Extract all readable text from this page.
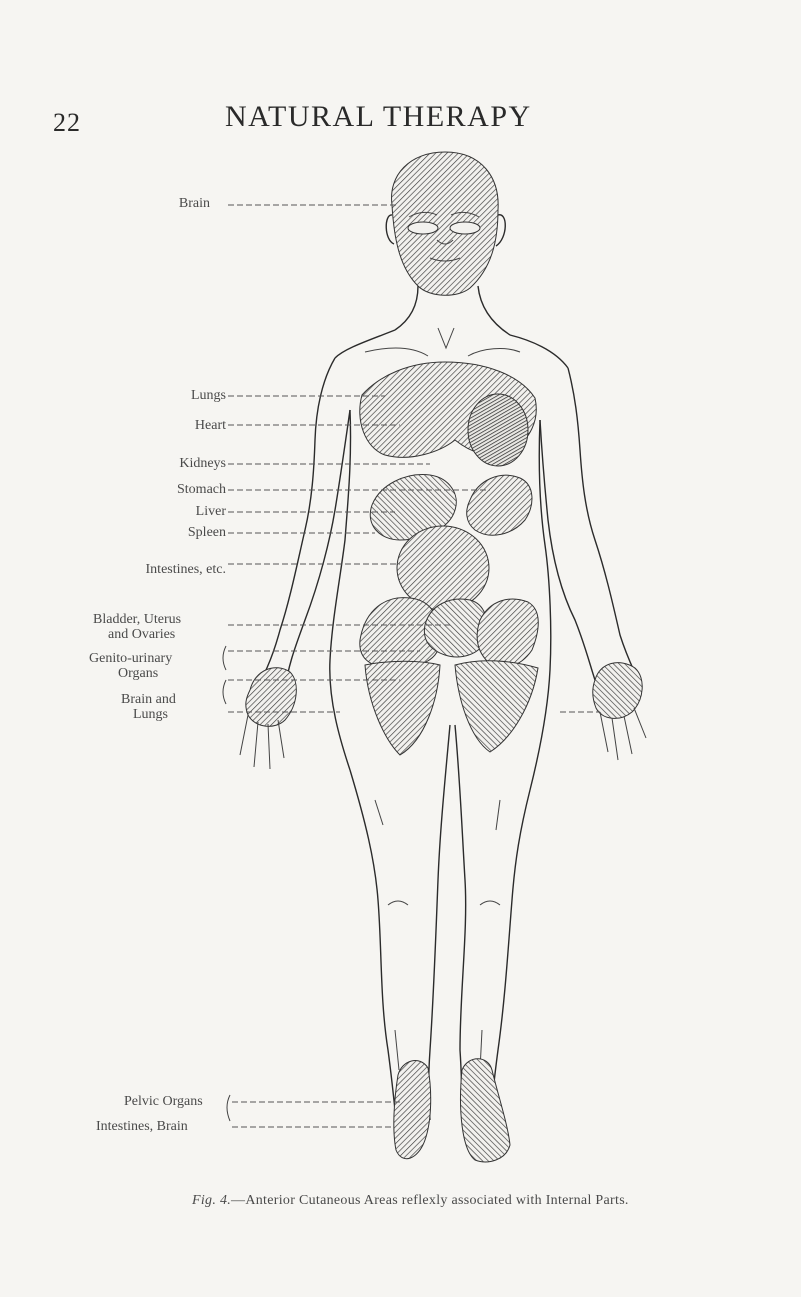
22	NATURAL THERAPY
Brain
Lungs
Heart
Kidneys
Stomach
Liver
Spleen
Intestines, etc.
Bladder, Uterus
and Ovaries
Genito-urinary
Organs
Brain and
Lungs
Pelvic Organs
Intestines, Brain
Fig. 4.—Anterior Cutaneous Areas reflexly associated with Internal Parts.
